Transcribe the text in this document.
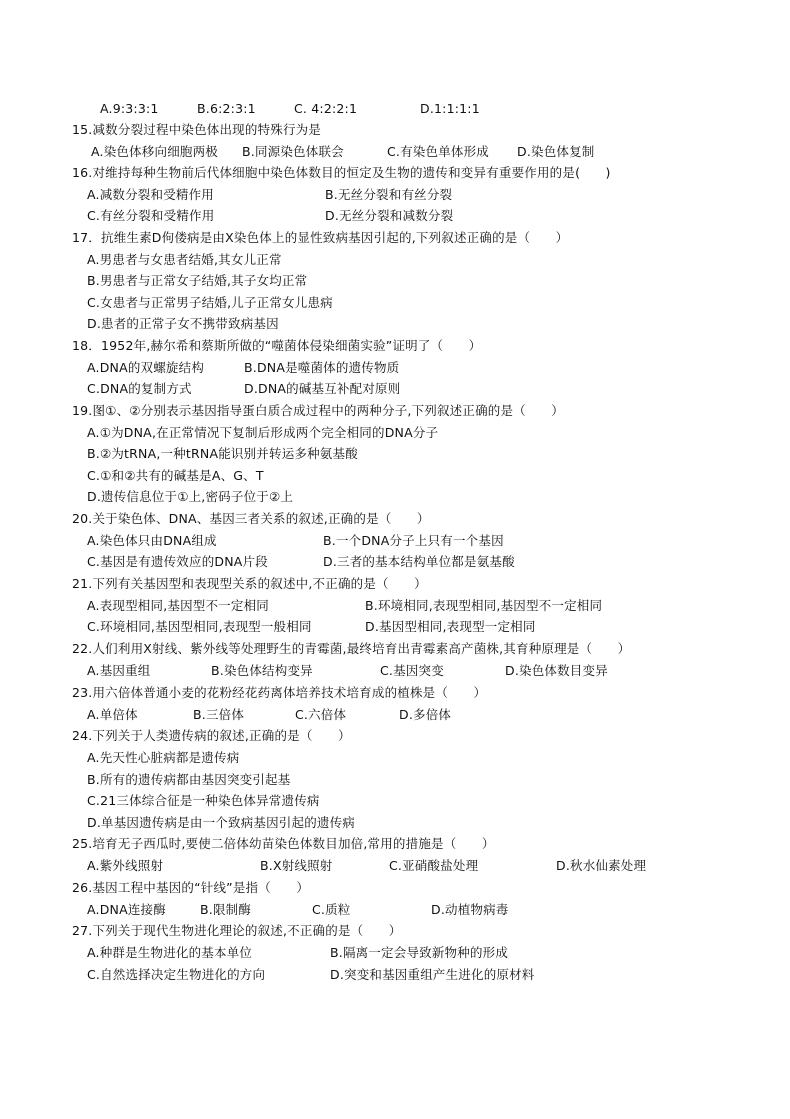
A.9:3:3:1	B.6:2:3:1	C. 4:2:2:1	D.1:1:1:1
15.减数分裂过程中染色体出现的特殊行为是
A.染色体移向细胞两极 B.同源染色体联会	C.有染色单体形成 D.染色体复制
16.对维持每种生物前后代体细胞中染色体数目的恒定及生物的遗传和变异有重要作用的是(　　)
A.减数分裂和受精作用	B.无丝分裂和有丝分裂
C.有丝分裂和受精作用	D.无丝分裂和减数分裂
17．抗维生素D佝偻病是由X染色体上的显性致病基因引起的,下列叙述正确的是（　　）
A.男患者与女患者结婚,其女儿正常
B.男患者与正常女子结婚,其子女均正常
C.女患者与正常男子结婚,儿子正常女儿患病
D.患者的正常子女不携带致病基因
18．1952年,赫尔希和蔡斯所做的“噬菌体侵染细菌实验”证明了（　　）
A.DNA的双螺旋结构	B.DNA是噬菌体的遗传物质
C.DNA的复制方式	D.DNA的碱基互补配对原则
19.图①、②分别表示基因指导蛋白质合成过程中的两种分子,下列叙述正确的是（　　）
A.①为DNA,在正常情况下复制后形成两个完全相同的DNA分子
B.②为tRNA,一种tRNA能识别并转运多种氨基酸
C.①和②共有的碱基是A、G、T
D.遗传信息位于①上,密码子位于②上
20.关于染色体、DNA、基因三者关系的叙述,正确的是（　　）
A.染色体只由DNA组成	B.一个DNA分子上只有一个基因
C.基因是有遗传效应的DNA片段	D.三者的基本结构单位都是氨基酸
21.下列有关基因型和表现型关系的叙述中,不正确的是（　　）
A.表现型相同,基因型不一定相同	B.环境相同,表现型相同,基因型不一定相同
C.环境相同,基因型相同,表现型一般相同	D.基因型相同,表现型一定相同
22.人们利用X射线、紫外线等处理野生的青霉菌,最终培育出青霉素高产菌株,其育种原理是（　　）
A.基因重组	B.染色体结构变异	C.基因突变	D.染色体数目变异
23.用六倍体普通小麦的花粉经花药离体培养技术培育成的植株是（　　）
A.单倍体	B.三倍体	C.六倍体	D.多倍体
24.下列关于人类遗传病的叙述,正确的是（　　）
A.先天性心脏病都是遗传病
B.所有的遗传病都由基因突变引起基
C.21三体综合征是一种染色体异常遗传病
D.单基因遗传病是由一个致病基因引起的遗传病
25.培育无子西瓜时,要使二倍体幼苗染色体数目加倍,常用的措施是（　　）
A.紫外线照射	B.X射线照射	C.亚硝酸盐处理	D.秋水仙素处理
26.基因工程中基因的“针线”是指（　　）
A.DNA连接酶	B.限制酶	C.质粒	D.动植物病毒
27.下列关于现代生物进化理论的叙述,不正确的是（　　）
A.种群是生物进化的基本单位	B.隔离一定会导致新物种的形成
C.自然选择决定生物进化的方向	D.突变和基因重组产生进化的原材料
